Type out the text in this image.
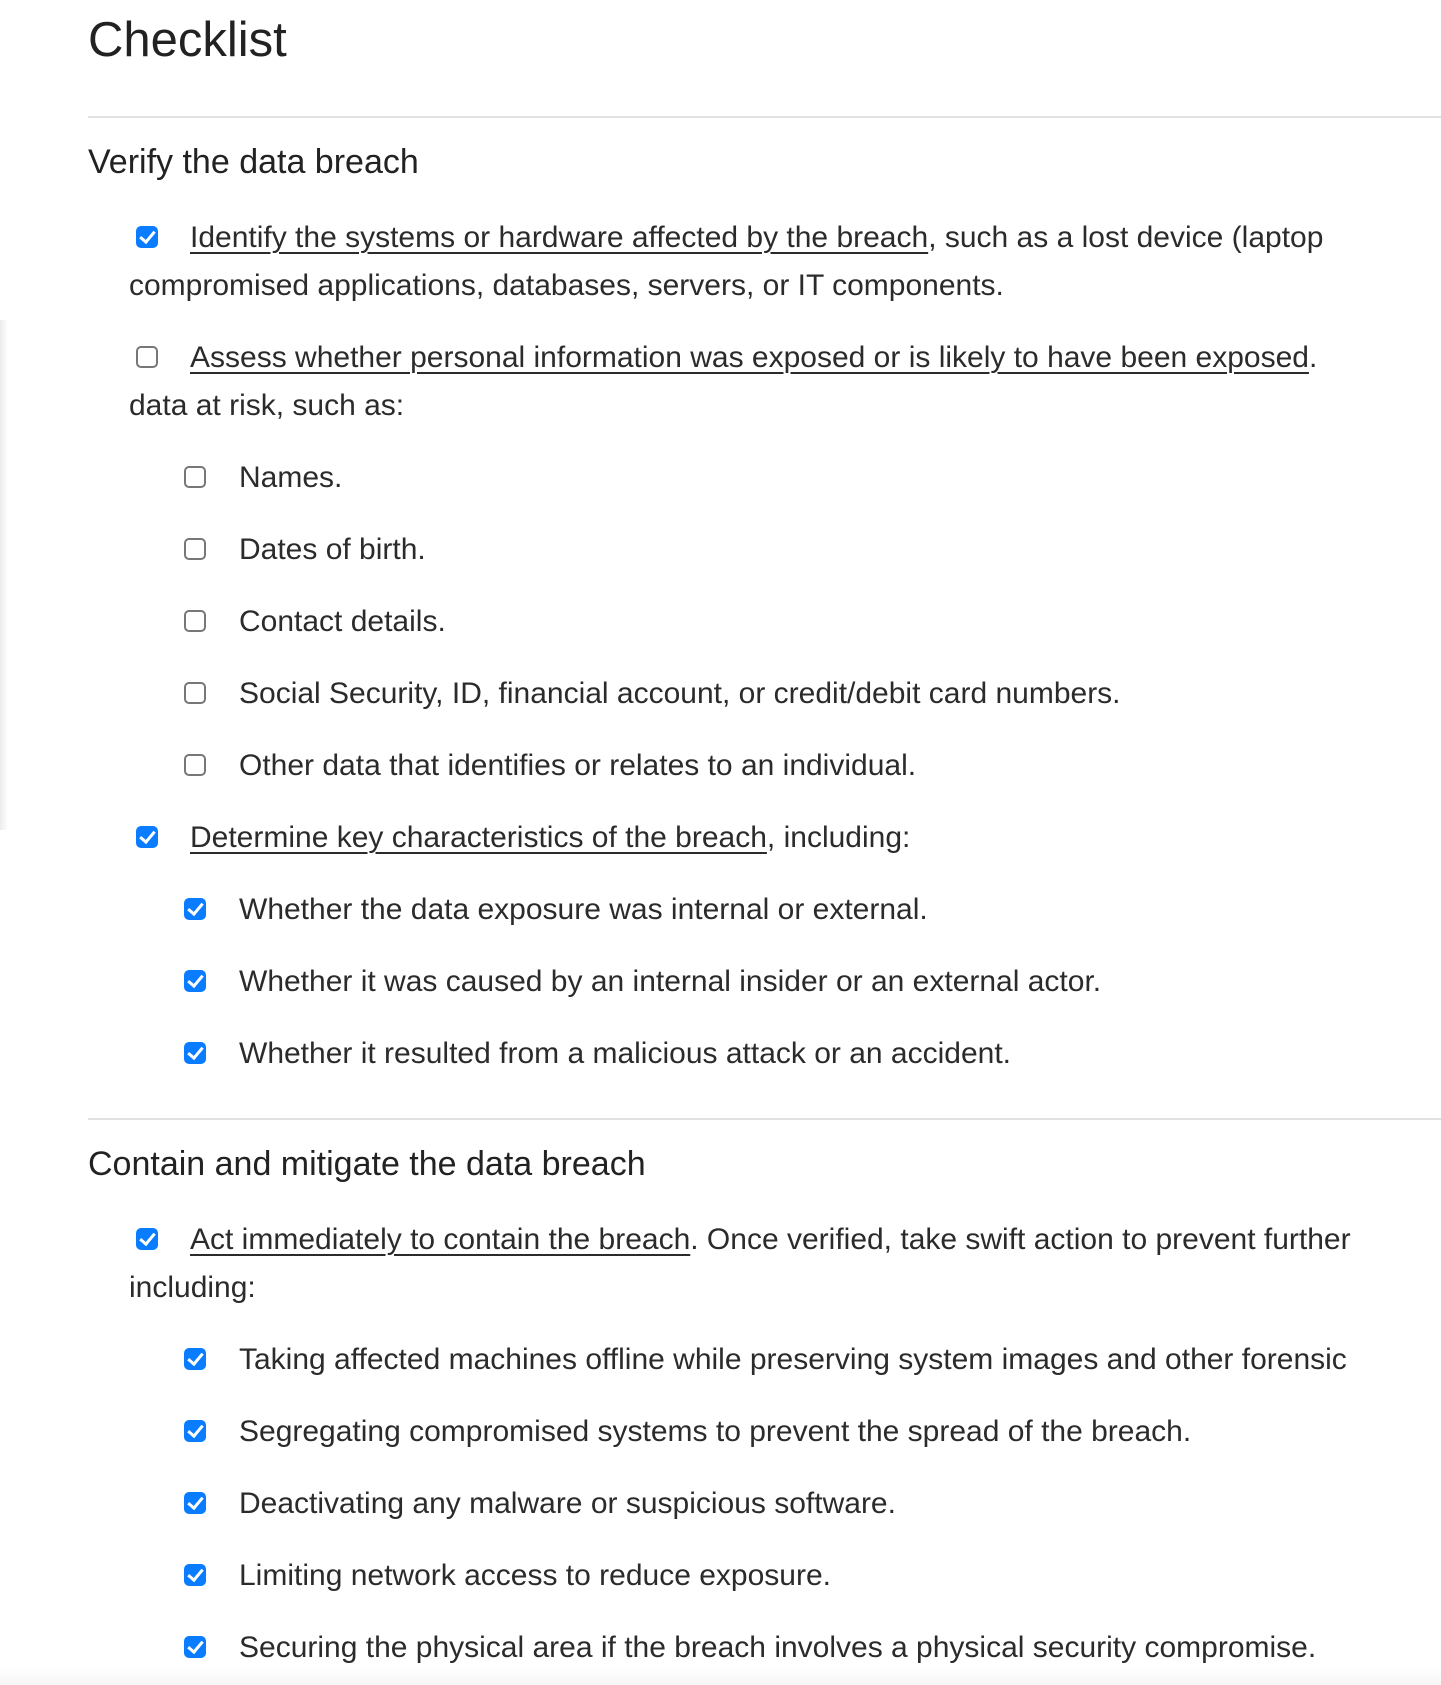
Checklist
Verify the data breach
Identify the systems or hardware affected by the breach, such as a lost device (laptop
compromised applications, databases, servers, or IT components.
Assess whether personal information was exposed or is likely to have been exposed.
data at risk, such as:
Names.
Dates of birth.
Contact details.
Social Security, ID, financial account, or credit/debit card numbers.
Other data that identifies or relates to an individual.
Determine key characteristics of the breach, including:
Whether the data exposure was internal or external.
Whether it was caused by an internal insider or an external actor.
Whether it resulted from a malicious attack or an accident.
Contain and mitigate the data breach
Act immediately to contain the breach. Once verified, take swift action to prevent further
including:
Taking affected machines offline while preserving system images and other forensic
Segregating compromised systems to prevent the spread of the breach.
Deactivating any malware or suspicious software.
Limiting network access to reduce exposure.
Securing the physical area if the breach involves a physical security compromise.
